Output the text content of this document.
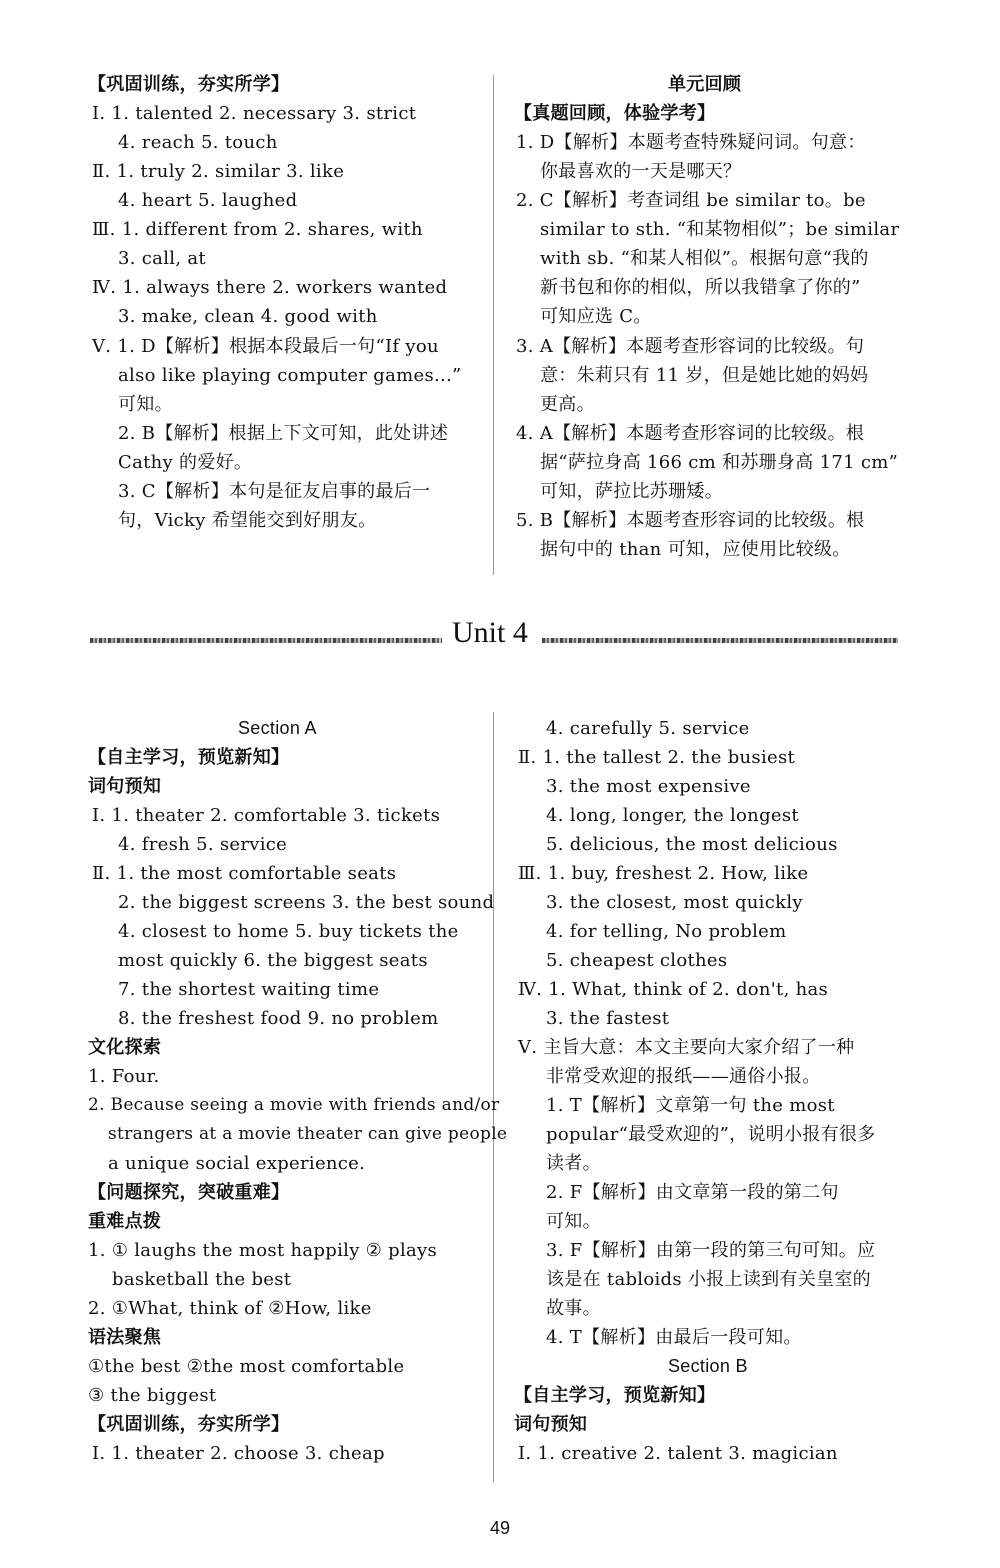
【巩固训练，夯实所学】
Ⅰ. 1. talented 2. necessary 3. strict
4. reach 5. touch
Ⅱ. 1. truly 2. similar 3. like
4. heart 5. laughed
Ⅲ. 1. different from 2. shares, with
3. call, at
Ⅳ. 1. always there 2. workers wanted
3. make, clean 4. good with
Ⅴ. 1. D【解析】根据本段最后一句“If you
also like playing computer games...”
可知。
2. B【解析】根据上下文可知，此处讲述
Cathy 的爱好。
3. C【解析】本句是征友启事的最后一
句，Vicky 希望能交到好朋友。
单元回顾
【真题回顾，体验学考】
1. D【解析】本题考查特殊疑问词。句意：
你最喜欢的一天是哪天？
2. C【解析】考查词组 be similar to。be
similar to sth. “和某物相似”；be similar
with sb. “和某人相似”。根据句意“我的
新书包和你的相似，所以我错拿了你的”
可知应选 C。
3. A【解析】本题考查形容词的比较级。句
意：朱莉只有 11 岁，但是她比她的妈妈
更高。
4. A【解析】本题考查形容词的比较级。根
据“萨拉身高 166 cm 和苏珊身高 171 cm”
可知，萨拉比苏珊矮。
5. B【解析】本题考查形容词的比较级。根
据句中的 than 可知，应使用比较级。
Unit 4
Section A
【自主学习，预览新知】
词句预知
Ⅰ. 1. theater 2. comfortable 3. tickets
4. fresh 5. service
Ⅱ. 1. the most comfortable seats
2. the biggest screens 3. the best sound
4. closest to home 5. buy tickets the
most quickly 6. the biggest seats
7. the shortest waiting time
8. the freshest food 9. no problem
文化探索
1. Four.
2. Because seeing a movie with friends and/or
strangers at a movie theater can give people
a unique social experience.
【问题探究，突破重难】
重难点拨
1. ① laughs the most happily ② plays
basketball the best
2. ①What, think of ②How, like
语法聚焦
①the best ②the most comfortable
③ the biggest
【巩固训练，夯实所学】
Ⅰ. 1. theater 2. choose 3. cheap
4. carefully 5. service
Ⅱ. 1. the tallest 2. the busiest
3. the most expensive
4. long, longer, the longest
5. delicious, the most delicious
Ⅲ. 1. buy, freshest 2. How, like
3. the closest, most quickly
4. for telling, No problem
5. cheapest clothes
Ⅳ. 1. What, think of 2. don't, has
3. the fastest
Ⅴ. 主旨大意：本文主要向大家介绍了一种
非常受欢迎的报纸——通俗小报。
1. T【解析】文章第一句 the most
popular“最受欢迎的”，说明小报有很多
读者。
2. F【解析】由文章第一段的第二句
可知。
3. F【解析】由第一段的第三句可知。应
该是在 tabloids 小报上读到有关皇室的
故事。
4. T【解析】由最后一段可知。
Section B
【自主学习，预览新知】
词句预知
Ⅰ. 1. creative 2. talent 3. magician
49
